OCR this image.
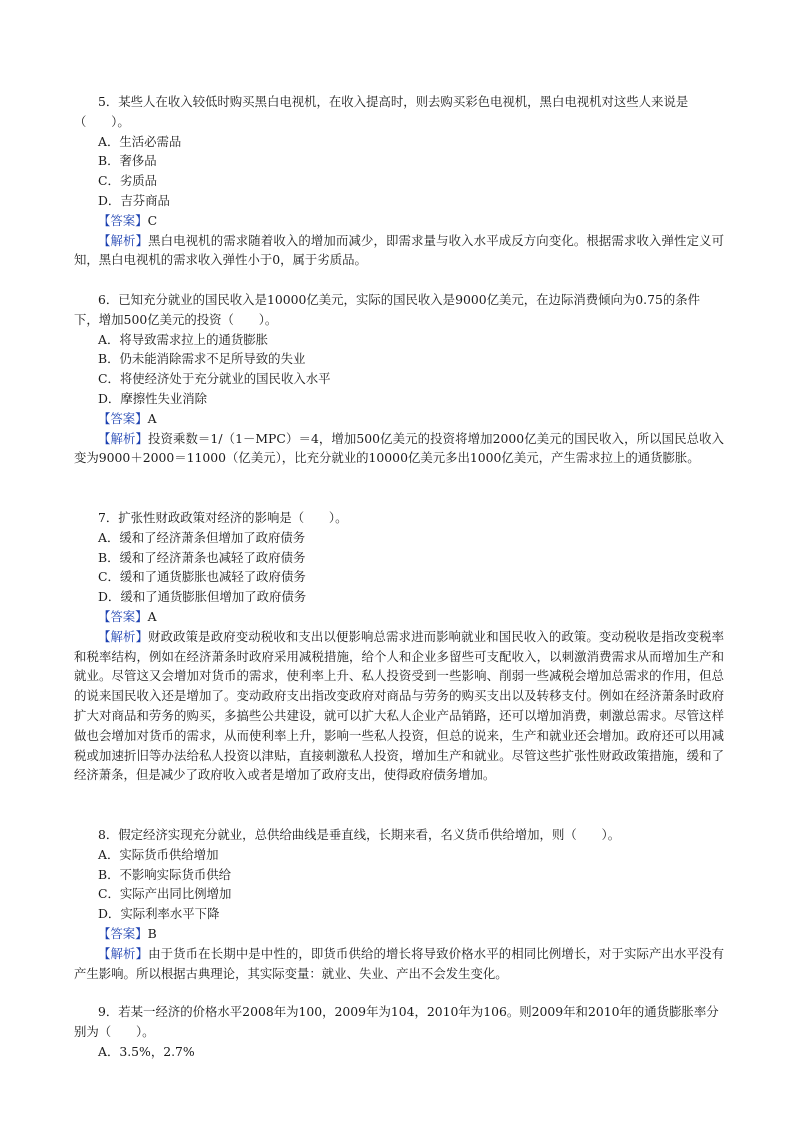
5．某些人在收入较低时购买黑白电视机，在收入提高时，则去购买彩色电视机，黑白电视机对这些人来说是（　　）。
A．生活必需品
B．奢侈品
C．劣质品
D．吉芬商品
【答案】C
【解析】黑白电视机的需求随着收入的增加而减少，即需求量与收入水平成反方向变化。根据需求收入弹性定义可知，黑白电视机的需求收入弹性小于0，属于劣质品。
6．已知充分就业的国民收入是10000亿美元，实际的国民收入是9000亿美元，在边际消费倾向为0.75的条件下，增加500亿美元的投资（　　）。
A．将导致需求拉上的通货膨胀
B．仍未能消除需求不足所导致的失业
C．将使经济处于充分就业的国民收入水平
D．摩擦性失业消除
【答案】A
【解析】投资乘数＝1/（1－MPC）＝4，增加500亿美元的投资将增加2000亿美元的国民收入，所以国民总收入变为9000＋2000＝11000（亿美元），比充分就业的10000亿美元多出1000亿美元，产生需求拉上的通货膨胀。
7．扩张性财政政策对经济的影响是（　　）。
A．缓和了经济萧条但增加了政府债务
B．缓和了经济萧条也减轻了政府债务
C．缓和了通货膨胀也减轻了政府债务
D．缓和了通货膨胀但增加了政府债务
【答案】A
【解析】财政政策是政府变动税收和支出以便影响总需求进而影响就业和国民收入的政策。变动税收是指改变税率和税率结构，例如在经济萧条时政府采用减税措施，给个人和企业多留些可支配收入，以刺激消费需求从而增加生产和就业。尽管这又会增加对货币的需求，使利率上升、私人投资受到一些影响、削弱一些减税会增加总需求的作用，但总的说来国民收入还是增加了。变动政府支出指改变政府对商品与劳务的购买支出以及转移支付。例如在经济萧条时政府扩大对商品和劳务的购买，多搞些公共建设，就可以扩大私人企业产品销路，还可以增加消费，刺激总需求。尽管这样做也会增加对货币的需求，从而使利率上升，影响一些私人投资，但总的说来，生产和就业还会增加。政府还可以用减税或加速折旧等办法给私人投资以津贴，直接刺激私人投资，增加生产和就业。尽管这些扩张性财政政策措施，缓和了经济萧条，但是减少了政府收入或者是增加了政府支出，使得政府债务增加。
8．假定经济实现充分就业，总供给曲线是垂直线，长期来看，名义货币供给增加，则（　　）。
A．实际货币供给增加
B．不影响实际货币供给
C．实际产出同比例增加
D．实际利率水平下降
【答案】B
【解析】由于货币在长期中是中性的，即货币供给的增长将导致价格水平的相同比例增长，对于实际产出水平没有产生影响。所以根据古典理论，其实际变量：就业、失业、产出不会发生变化。
9．若某一经济的价格水平2008年为100，2009年为104，2010年为106。则2009年和2010年的通货膨胀率分别为（　　）。
A．3.5%，2.7%
